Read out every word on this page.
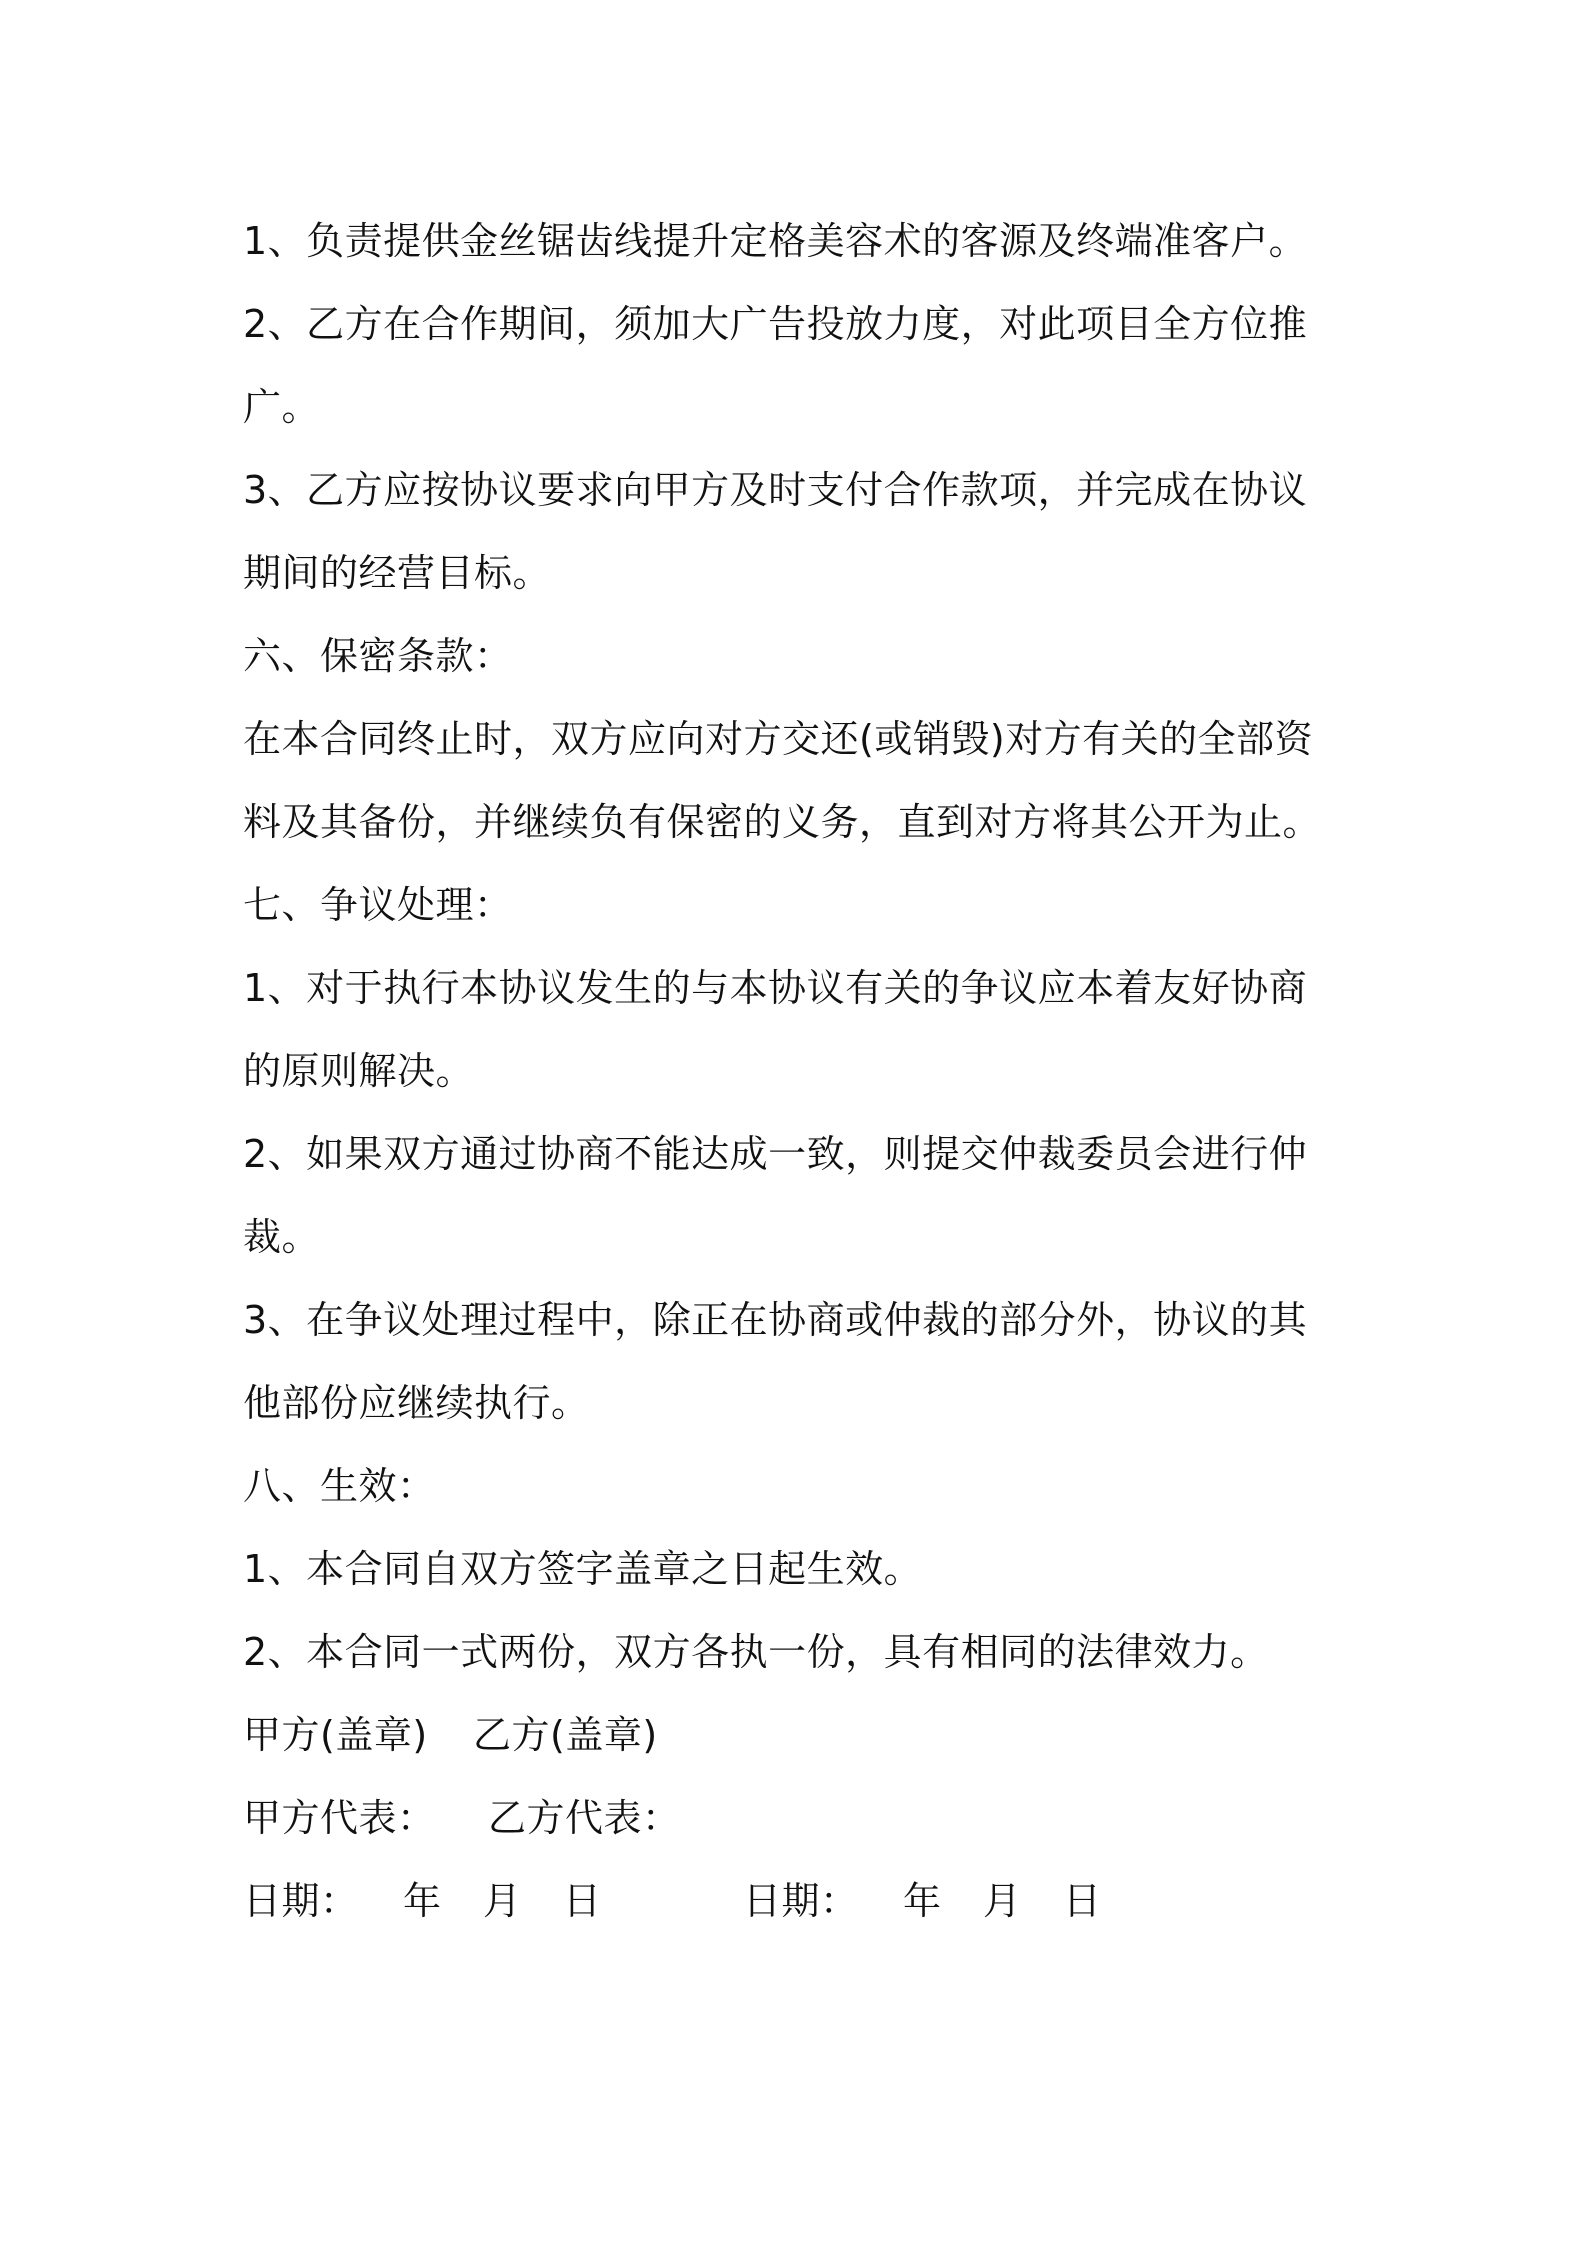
1、负责提供金丝锯齿线提升定格美容术的客源及终端准客户。
2、乙方在合作期间，须加大广告投放力度，对此项目全方位推
广。
3、乙方应按协议要求向甲方及时支付合作款项，并完成在协议
期间的经营目标。
六、保密条款：
在本合同终止时，双方应向对方交还(或销毁)对方有关的全部资
料及其备份，并继续负有保密的义务，直到对方将其公开为止。
七、争议处理：
1、对于执行本协议发生的与本协议有关的争议应本着友好协商
的原则解决。
2、如果双方通过协商不能达成一致，则提交仲裁委员会进行仲
裁。
3、在争议处理过程中，除正在协商或仲裁的部分外，协议的其
他部份应继续执行。
八、生效：
1、本合同自双方签字盖章之日起生效。
2、本合同一式两份，双方各执一份，具有相同的法律效力。
甲方(盖章)	乙方(盖章)
甲方代表：	乙方代表：
日期：	年	月	日	日期：	年	月	日
